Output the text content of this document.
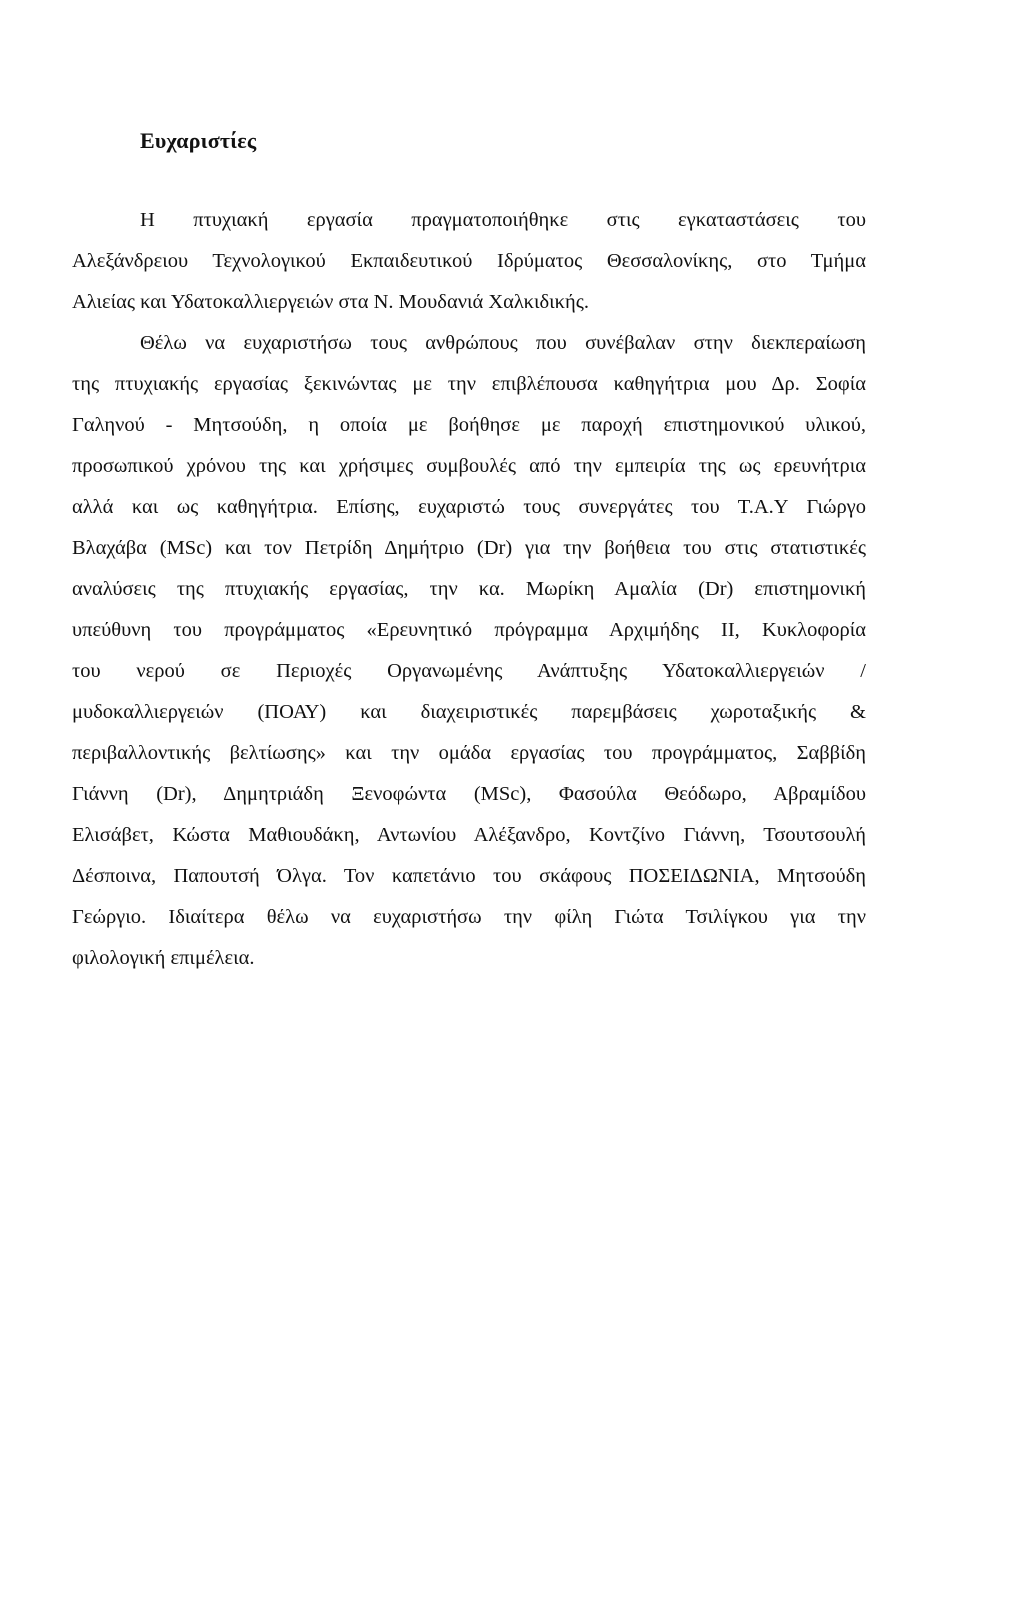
Ευχαριστίες

Η πτυχιακή εργασία πραγματοποιήθηκε στις εγκαταστάσεις του

Αλεξάνδρειου Τεχνολογικού Εκπαιδευτικού Ιδρύματος Θεσσαλονίκης, στο Τμήμα

Αλιείας και Υδατοκαλλιεργειών στα Ν. Μουδανιά Χαλκιδικής.

Θέλω να ευχαριστήσω τους ανθρώπους που συνέβαλαν στην διεκπεραίωση

της πτυχιακής εργασίας ξεκινώντας με την επιβλέπουσα καθηγήτρια μου Δρ. Σοφία

Γαληνού - Μητσούδη, η οποία με βοήθησε με παροχή επιστημονικού υλικού,

προσωπικού χρόνου της και χρήσιμες συμβουλές από την εμπειρία της ως ερευνήτρια

αλλά και ως καθηγήτρια. Επίσης, ευχαριστώ τους συνεργάτες του Τ.Α.Υ Γιώργο

Βλαχάβα (MSc) και τον Πετρίδη Δημήτριο (Dr) για την βοήθεια του στις στατιστικές

αναλύσεις της πτυχιακής εργασίας, την κα. Μωρίκη Αμαλία (Dr) επιστημονική

υπεύθυνη του προγράμματος «Ερευνητικό πρόγραμμα Αρχιμήδης ΙΙ, Κυκλοφορία

του νερού σε Περιοχές Οργανωμένης Ανάπτυξης Υδατοκαλλιεργειών /

μυδοκαλλιεργειών (ΠΟΑΥ) και διαχειριστικές παρεμβάσεις χωροταξικής &

περιβαλλοντικής βελτίωσης» και την ομάδα εργασίας του προγράμματος, Σαββίδη

Γιάννη (Dr), Δημητριάδη Ξενοφώντα (MSc), Φασούλα Θεόδωρο, Αβραμίδου

Ελισάβετ, Κώστα Μαθιουδάκη, Αντωνίου Αλέξανδρο, Κοντζίνο Γιάννη, Τσουτσουλή

Δέσποινα, Παπουτσή Όλγα. Τον καπετάνιο του σκάφους ΠΟΣΕΙΔΩΝΙΑ, Μητσούδη

Γεώργιο. Ιδιαίτερα θέλω να ευχαριστήσω την φίλη Γιώτα Τσιλίγκου για την

φιλολογική επιμέλεια.
